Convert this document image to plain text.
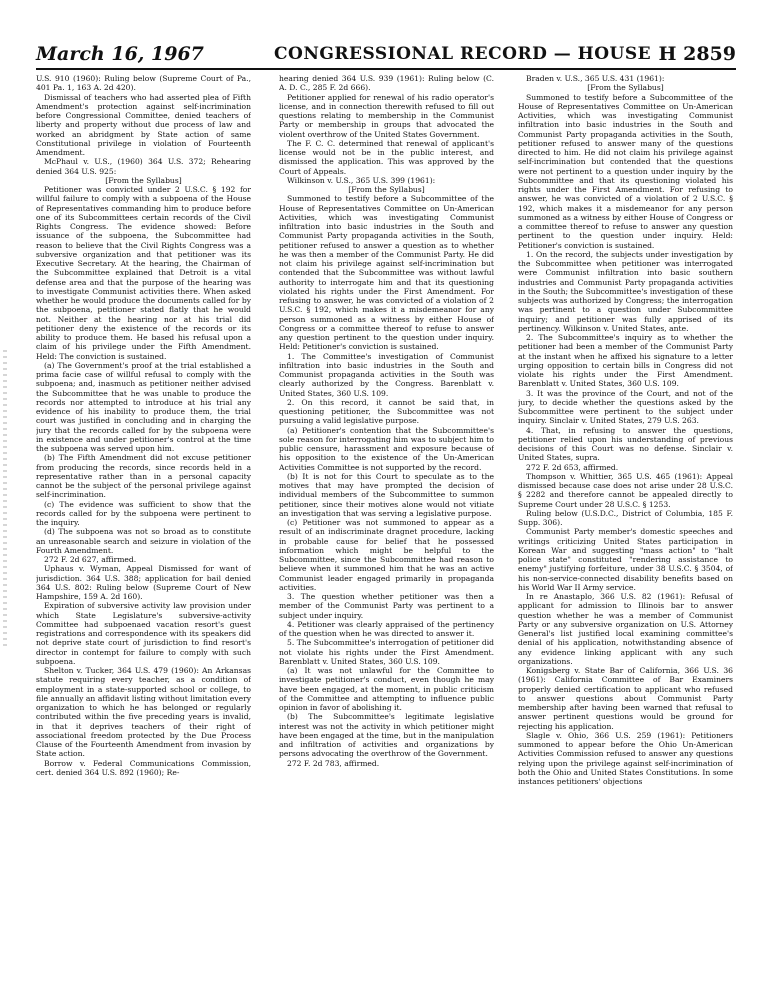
March 16, 1967	CONGRESSIONAL RECORD — HOUSE H 2859

U.S. 910 (1960): Ruling below (Supreme Court of Pa., 401 Pa. 1, 163 A. 2d 420).

Dismissal of teachers who had asserted plea of Fifth Amendment's protection against self-incrimination before Congressional Committee, denied teachers of liberty and property without due process of law and worked an abridgment by State action of same Constitutional privilege in violation of Fourteenth Amendment.

McPhaul v. U.S., (1960) 364 U.S. 372; Rehearing denied 364 U.S. 925:

[From the Syllabus]

Petitioner was convicted under 2 U.S.C. § 192 for willful failure to comply with a subpoena of the House of Representatives commanding him to produce before one of its Subcommittees certain records of the Civil Rights Congress. The evidence showed: Before issuance of the subpoena, the Subcommittee had reason to believe that the Civil Rights Congress was a subversive organization and that petitioner was its Executive Secretary. At the hearing, the Chairman of the Subcommittee explained that Detroit is a vital defense area and that the purpose of the hearing was to investigate Communist activities there. When asked whether he would produce the documents called for by the subpoena, petitioner stated flatly that he would not. Neither at the hearing nor at his trial did petitioner deny the existence of the records or its ability to produce them. He based his refusal upon a claim of his privilege under the Fifth Amendment. Held: The conviction is sustained.

(a) The Government's proof at the trial established a prima facie case of willful refusal to comply with the subpoena; and, inasmuch as petitioner neither advised the Subcommittee that he was unable to produce the records nor attempted to introduce at his trial any evidence of his inability to produce them, the trial court was justified in concluding and in charging the jury that the records called for by the subpoena were in existence and under petitioner's control at the time the subpoena was served upon him.

(b) The Fifth Amendment did not excuse petitioner from producing the records, since records held in a representative rather than in a personal capacity cannot be the subject of the personal privilege against self-incrimination.

(c) The evidence was sufficient to show that the records called for by the subpoena were pertinent to the inquiry.

(d) The subpoena was not so broad as to constitute an unreasonable search and seizure in violation of the Fourth Amendment.

272 F. 2d 627, affirmed.

Uphaus v. Wyman, Appeal Dismissed for want of jurisdiction. 364 U.S. 388; application for bail denied 364 U.S. 802: Ruling below (Supreme Court of New Hampshire, 159 A. 2d 160).

Expiration of subversive activity law provision under which State Legislature's subversive-activity Committee had subpoenaed vacation resort's guest registrations and correspondence with its speakers did not deprive state court of jurisdiction to find resort's director in contempt for failure to comply with such subpoena.

Shelton v. Tucker, 364 U.S. 479 (1960): An Arkansas statute requiring every teacher, as a condition of employment in a state-supported school or college, to file annually an affidavit listing without limitation every organization to which he has belonged or regularly contributed within the five preceding years is invalid, in that it deprives teachers of their right of associational freedom protected by the Due Process Clause of the Fourteenth Amendment from invasion by State action.

Borrow v. Federal Communications Commission, cert. denied 364 U.S. 892 (1960); Re-

hearing denied 364 U.S. 939 (1961): Ruling below (C. A. D. C., 285 F. 2d 666).

Petitioner applied for renewal of his radio operator's license, and in connection therewith refused to fill out questions relating to membership in the Communist Party or membership in groups that advocated the violent overthrow of the United States Government.

The F. C. C. determined that renewal of applicant's license would not be in the public interest, and dismissed the application. This was approved by the Court of Appeals.

Wilkinson v. U.S., 365 U.S. 399 (1961):

[From the Syllabus]

Summoned to testify before a Subcommittee of the House of Representatives Committee on Un-American Activities, which was investigating Communist infiltration into basic industries in the South and Communist Party propaganda activities in the South, petitioner refused to answer a question as to whether he was then a member of the Communist Party. He did not claim his privilege against self-incrimination but contended that the Subcommittee was without lawful authority to interrogate him and that its questioning violated his rights under the First Amendment. For refusing to answer, he was convicted of a violation of 2 U.S.C. § 192, which makes it a misdemeanor for any person summoned as a witness by either House of Congress or a committee thereof to refuse to answer any question pertinent to the question under inquiry. Held: Petitioner's conviction is sustained.

1. The Committee's investigation of Communist infiltration into basic industries in the South and Communist propaganda activities in the South was clearly authorized by the Congress. Barenblatt v. United States, 360 U.S. 109.

2. On this record, it cannot be said that, in questioning petitioner, the Subcommittee was not pursuing a valid legislative purpose.

(a) Petitioner's contention that the Subcommittee's sole reason for interrogating him was to subject him to public censure, harassment and exposure because of his opposition to the existence of the Un-American Activities Committee is not supported by the record.

(b) It is not for this Court to speculate as to the motives that may have prompted the decision of individual members of the Subcommittee to summon petitioner, since their motives alone would not vitiate an investigation that was serving a legislative purpose.

(c) Petitioner was not summoned to appear as a result of an indiscriminate dragnet procedure, lacking in probable cause for belief that he possessed information which might be helpful to the Subcommittee, since the Subcommittee had reason to believe when it summoned him that he was an active Communist leader engaged primarily in propaganda activities.

3. The question whether petitioner was then a member of the Communist Party was pertinent to a subject under inquiry.

4. Petitioner was clearly appraised of the pertinency of the question when he was directed to answer it.

5. The Subcommittee's interrogation of petitioner did not violate his rights under the First Amendment. Barenblatt v. United States, 360 U.S. 109.

(a) It was not unlawful for the Committee to investigate petitioner's conduct, even though he may have been engaged, at the moment, in public criticism of the Committee and attempting to influence public opinion in favor of abolishing it.

(b) The Subcommittee's legitimate legislative interest was not the activity in which petitioner might have been engaged at the time, but in the manipulation and infiltration of activities and organizations by persons advocating the overthrow of the Government.

272 F. 2d 783, affirmed.

Braden v. U.S., 365 U.S. 431 (1961):

[From the Syllabus]

Summoned to testify before a Subcommittee of the House of Representatives Committee on Un-American Activities, which was investigating Communist infiltration into basic industries in the South and Communist Party propaganda activities in the South, petitioner refused to answer many of the questions directed to him. He did not claim his privilege against self-incrimination but contended that the questions were not pertinent to a question under inquiry by the Subcommittee and that its questioning violated his rights under the First Amendment. For refusing to answer, he was convicted of a violation of 2 U.S.C. § 192, which makes it a misdemeanor for any person summoned as a witness by either House of Congress or a committee thereof to refuse to answer any question pertinent to the question under inquiry. Held: Petitioner's conviction is sustained.

1. On the record, the subjects under investigation by the Subcommittee when petitioner was interrogated were Communist infiltration into basic southern industries and Communist Party propaganda activities in the South; the Subcommittee's investigation of these subjects was authorized by Congress; the interrogation was pertinent to a question under Subcommittee inquiry; and petitioner was fully apprised of its pertinency. Wilkinson v. United States, ante.

2. The Subcommittee's inquiry as to whether the petitioner had been a member of the Communist Party at the instant when he affixed his signature to a letter urging opposition to certain bills in Congress did not violate his rights under the First Amendment. Barenblatt v. United States, 360 U.S. 109.

3. It was the province of the Court, and not of the jury, to decide whether the questions asked by the Subcommittee were pertinent to the subject under inquiry. Sinclair v. United States, 279 U.S. 263.

4. That, in refusing to answer the questions, petitioner relied upon his understanding of previous decisions of this Court was no defense. Sinclair v. United States, supra.

272 F. 2d 653, affirmed.

Thompson v. Whittier, 365 U.S. 465 (1961): Appeal dismissed because case does not arise under 28 U.S.C. § 2282 and therefore cannot be appealed directly to Supreme Court under 28 U.S.C. § 1253.

Ruling below (U.S.D.C., District of Columbia, 185 F. Supp. 306).

Communist Party member's domestic speeches and writings criticizing United States participation in Korean War and suggesting "mass action" to "halt police state" constituted "rendering assistance to enemy" justifying forfeiture, under 38 U.S.C. § 3504, of his non-service-connected disability benefits based on his World War II Army service.

In re Anastaplo, 366 U.S. 82 (1961): Refusal of applicant for admission to Illinois bar to answer question whether he was a member of Communist Party or any subversive organization on U.S. Attorney General's list justified local examining committee's denial of his application, notwithstanding absence of any evidence linking applicant with any such organizations.

Konigsberg v. State Bar of California, 366 U.S. 36 (1961): California Committee of Bar Examiners properly denied certification to applicant who refused to answer questions about Communist Party membership after having been warned that refusal to answer pertinent questions would be ground for rejecting his application.

Slagle v. Ohio, 366 U.S. 259 (1961): Petitioners summoned to appear before the Ohio Un-American Activities Commission refused to answer any questions relying upon the privilege against self-incrimination of both the Ohio and United States Constitutions. In some instances petitioners' objections
